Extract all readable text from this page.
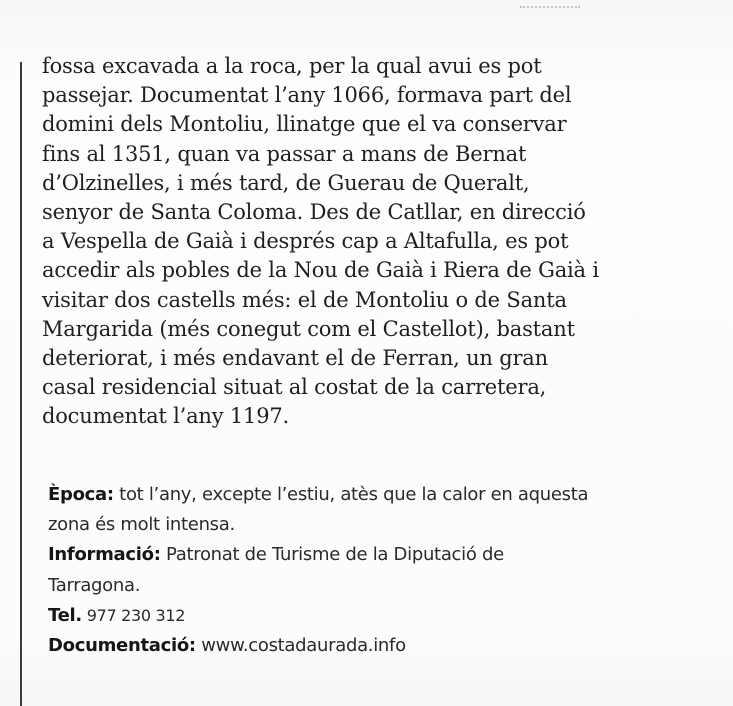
fossa excavada a la roca, per la qual avui es pot
passejar. Documentat l’any 1066, formava part del
domini dels Montoliu, llinatge que el va conservar
fins al 1351, quan va passar a mans de Bernat
d’Olzinelles, i més tard, de Guerau de Queralt,
senyor de Santa Coloma. Des de Catllar, en direcció
a Vespella de Gaià i després cap a Altafulla, es pot
accedir als pobles de la Nou de Gaià i Riera de Gaià i
visitar dos castells més: el de Montoliu o de Santa
Margarida (més conegut com el Castellot), bastant
deteriorat, i més endavant el de Ferran, un gran
casal residencial situat al costat de la carretera,
documentat l’any 1197.
Època: tot l’any, excepte l’estiu, atès que la calor en aquesta
zona és molt intensa.
Informació: Patronat de Turisme de la Diputació de
Tarragona.
Tel. 977 230 312
Documentació: www.costadaurada.info
